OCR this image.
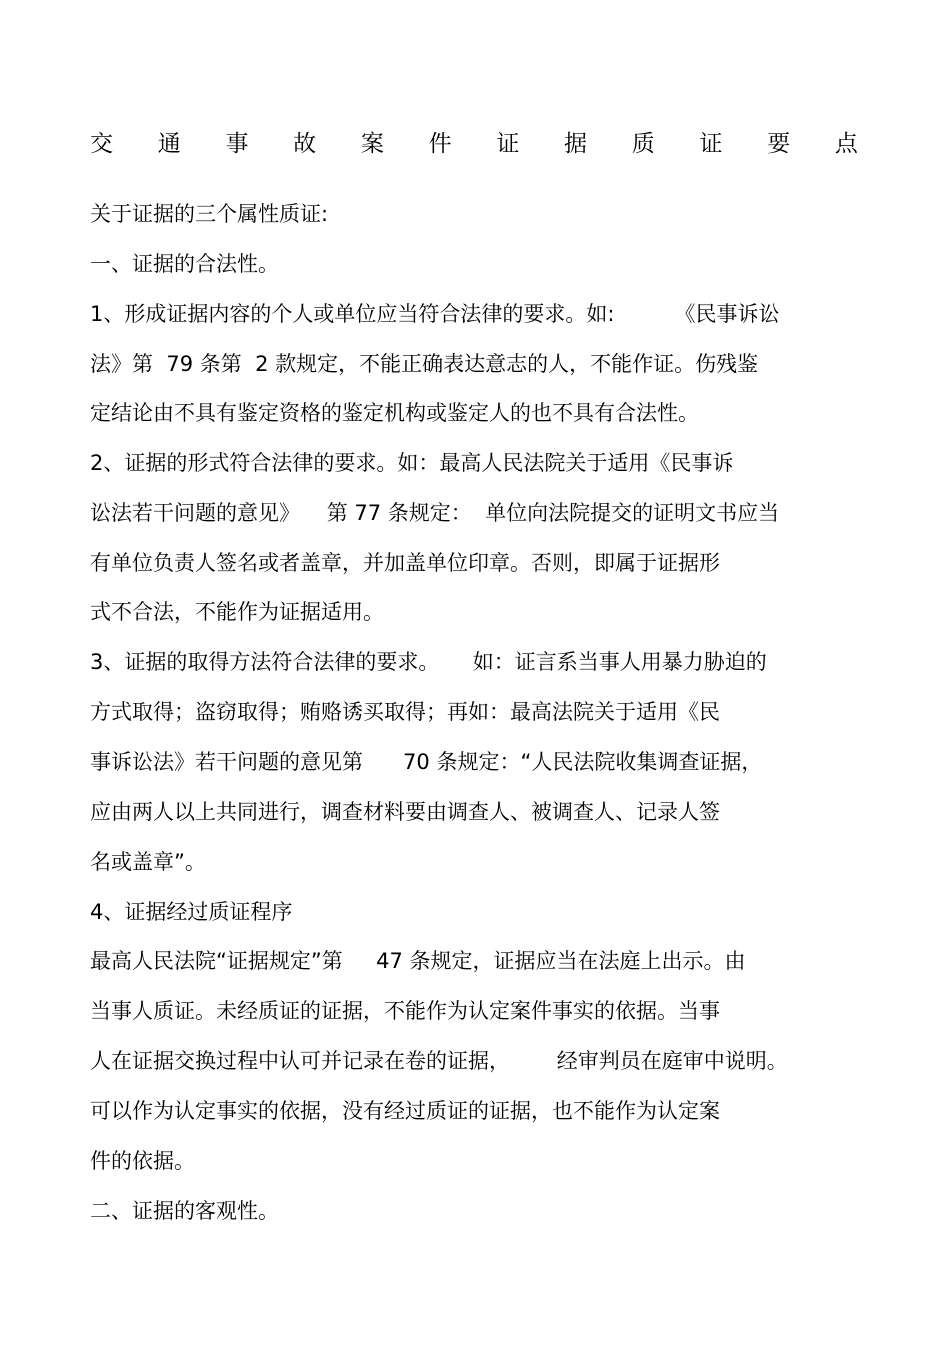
交 通 事 故 案 件 证 据 质 证 要 点
关于证据的三个属性质证:
一、证据的合法性。
1、形成证据内容的个人或单位应当符合法律的要求。如:         《民事诉讼
法》第  79 条第  2 款规定，不能正确表达意志的人，不能作证。伤残鉴
定结论由不具有鉴定资格的鉴定机构或鉴定人的也不具有合法性。
2、证据的形式符合法律的要求。如：最高人民法院关于适用《民事诉
讼法若干问题的意见》    第 77 条规定：  单位向法院提交的证明文书应当
有单位负责人签名或者盖章，并加盖单位印章。否则，即属于证据形
式不合法，不能作为证据适用。
3、证据的取得方法符合法律的要求。     如：证言系当事人用暴力胁迫的
方式取得；盗窃取得；贿赂诱买取得；再如：最高法院关于适用《民
事诉讼法》若干问题的意见第      70 条规定：“人民法院收集调查证据，
应由两人以上共同进行，调查材料要由调查人、被调查人、记录人签
名或盖章”。
4、证据经过质证程序
最高人民法院“证据规定”第     47 条规定，证据应当在法庭上出示。由
当事人质证。未经质证的证据，不能作为认定案件事实的依据。当事
人在证据交换过程中认可并记录在卷的证据，       经审判员在庭审中说明。
可以作为认定事实的依据，没有经过质证的证据，也不能作为认定案
件的依据。
二、证据的客观性。
